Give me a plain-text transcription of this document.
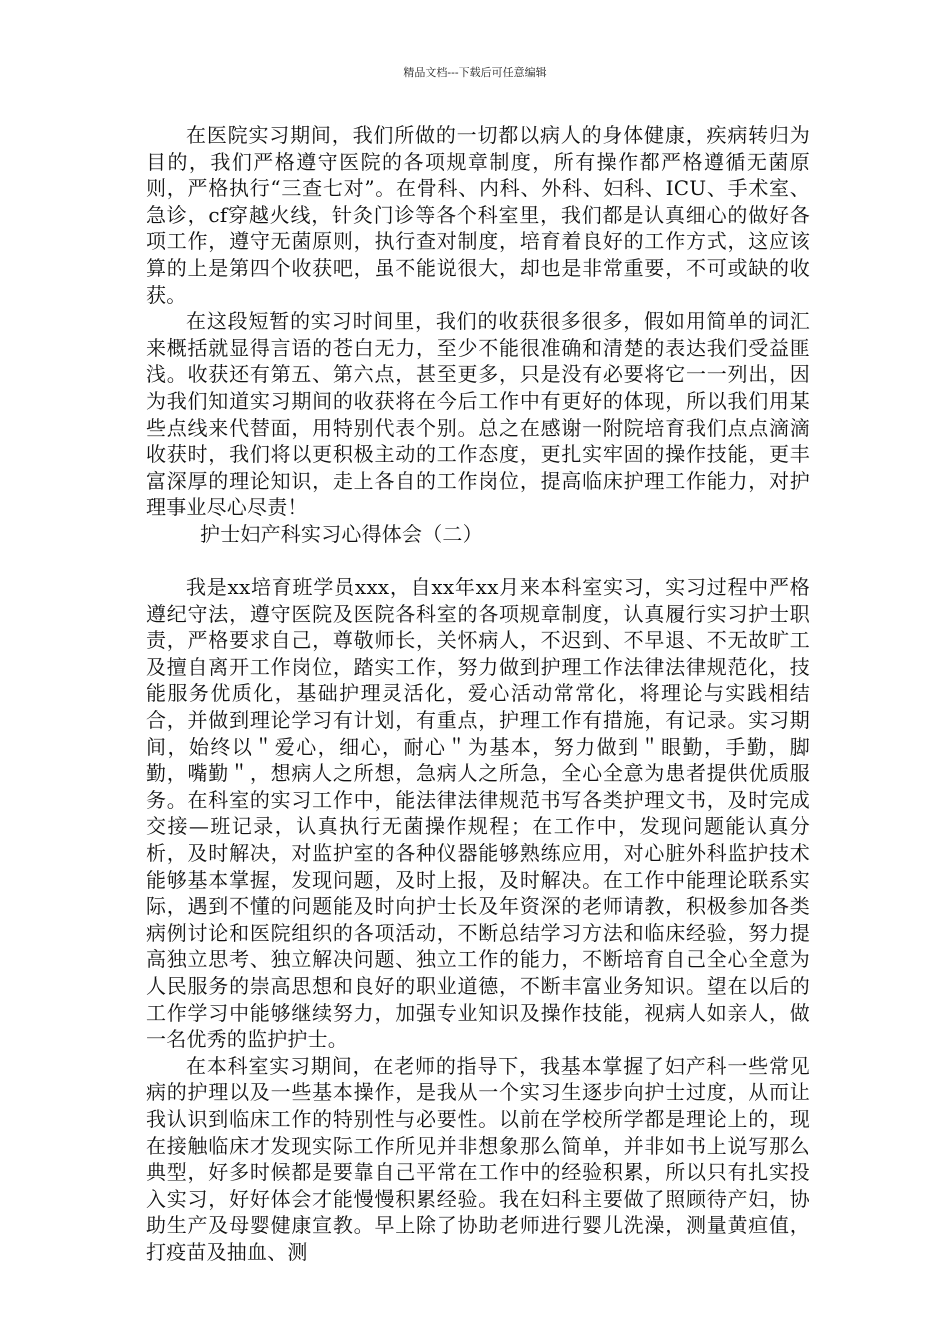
精品文档---下载后可任意编辑

在医院实习期间，我们所做的一切都以病人的身体健康，疾病转归为目的，我们严格遵守医院的各项规章制度，所有操作都严格遵循无菌原则，严格执行“三查七对”。在骨科、内科、外科、妇科、ICU、手术室、急诊，cf穿越火线，针灸门诊等各个科室里，我们都是认真细心的做好各项工作，遵守无菌原则，执行查对制度，培育着良好的工作方式，这应该算的上是第四个收获吧，虽不能说很大，却也是非常重要，不可或缺的收获。

在这段短暂的实习时间里，我们的收获很多很多，假如用简单的词汇来概括就显得言语的苍白无力，至少不能很准确和清楚的表达我们受益匪浅。收获还有第五、第六点，甚至更多，只是没有必要将它一一列出，因为我们知道实习期间的收获将在今后工作中有更好的体现，所以我们用某些点线来代替面，用特别代表个别。总之在感谢一附院培育我们点点滴滴收获时，我们将以更积极主动的工作态度，更扎实牢固的操作技能，更丰富深厚的理论知识，走上各自的工作岗位，提高临床护理工作能力，对护理事业尽心尽责！

护士妇产科实习心得体会（二）

我是xx培育班学员xxx，自xx年xx月来本科室实习，实习过程中严格遵纪守法，遵守医院及医院各科室的各项规章制度，认真履行实习护士职责，严格要求自己，尊敬师长，关怀病人，不迟到、不早退、不无故旷工及擅自离开工作岗位，踏实工作，努力做到护理工作法律法律规范化，技能服务优质化，基础护理灵活化，爱心活动常常化，将理论与实践相结合，并做到理论学习有计划，有重点，护理工作有措施，有记录。实习期间，始终以＂爱心，细心，耐心＂为基本，努力做到＂眼勤，手勤，脚勤，嘴勤＂，想病人之所想，急病人之所急，全心全意为患者提供优质服务。在科室的实习工作中，能法律法律规范书写各类护理文书，及时完成交接—班记录，认真执行无菌操作规程；在工作中，发现问题能认真分析，及时解决，对监护室的各种仪器能够熟练应用，对心脏外科监护技术能够基本掌握，发现问题，及时上报，及时解决。在工作中能理论联系实际，遇到不懂的问题能及时向护士长及年资深的老师请教，积极参加各类病例讨论和医院组织的各项活动，不断总结学习方法和临床经验，努力提高独立思考、独立解决问题、独立工作的能力，不断培育自己全心全意为人民服务的崇高思想和良好的职业道德，不断丰富业务知识。望在以后的工作学习中能够继续努力，加强专业知识及操作技能，视病人如亲人，做一名优秀的监护护士。

在本科室实习期间，在老师的指导下，我基本掌握了妇产科一些常见病的护理以及一些基本操作，是我从一个实习生逐步向护士过度，从而让我认识到临床工作的特别性与必要性。以前在学校所学都是理论上的，现在接触临床才发现实际工作所见并非想象那么简单，并非如书上说写那么典型，好多时候都是要靠自己平常在工作中的经验积累，所以只有扎实投入实习，好好体会才能慢慢积累经验。我在妇科主要做了照顾待产妇，协助生产及母婴健康宣教。早上除了协助老师进行婴儿洗澡，测量黄疸值，打疫苗及抽血、测
